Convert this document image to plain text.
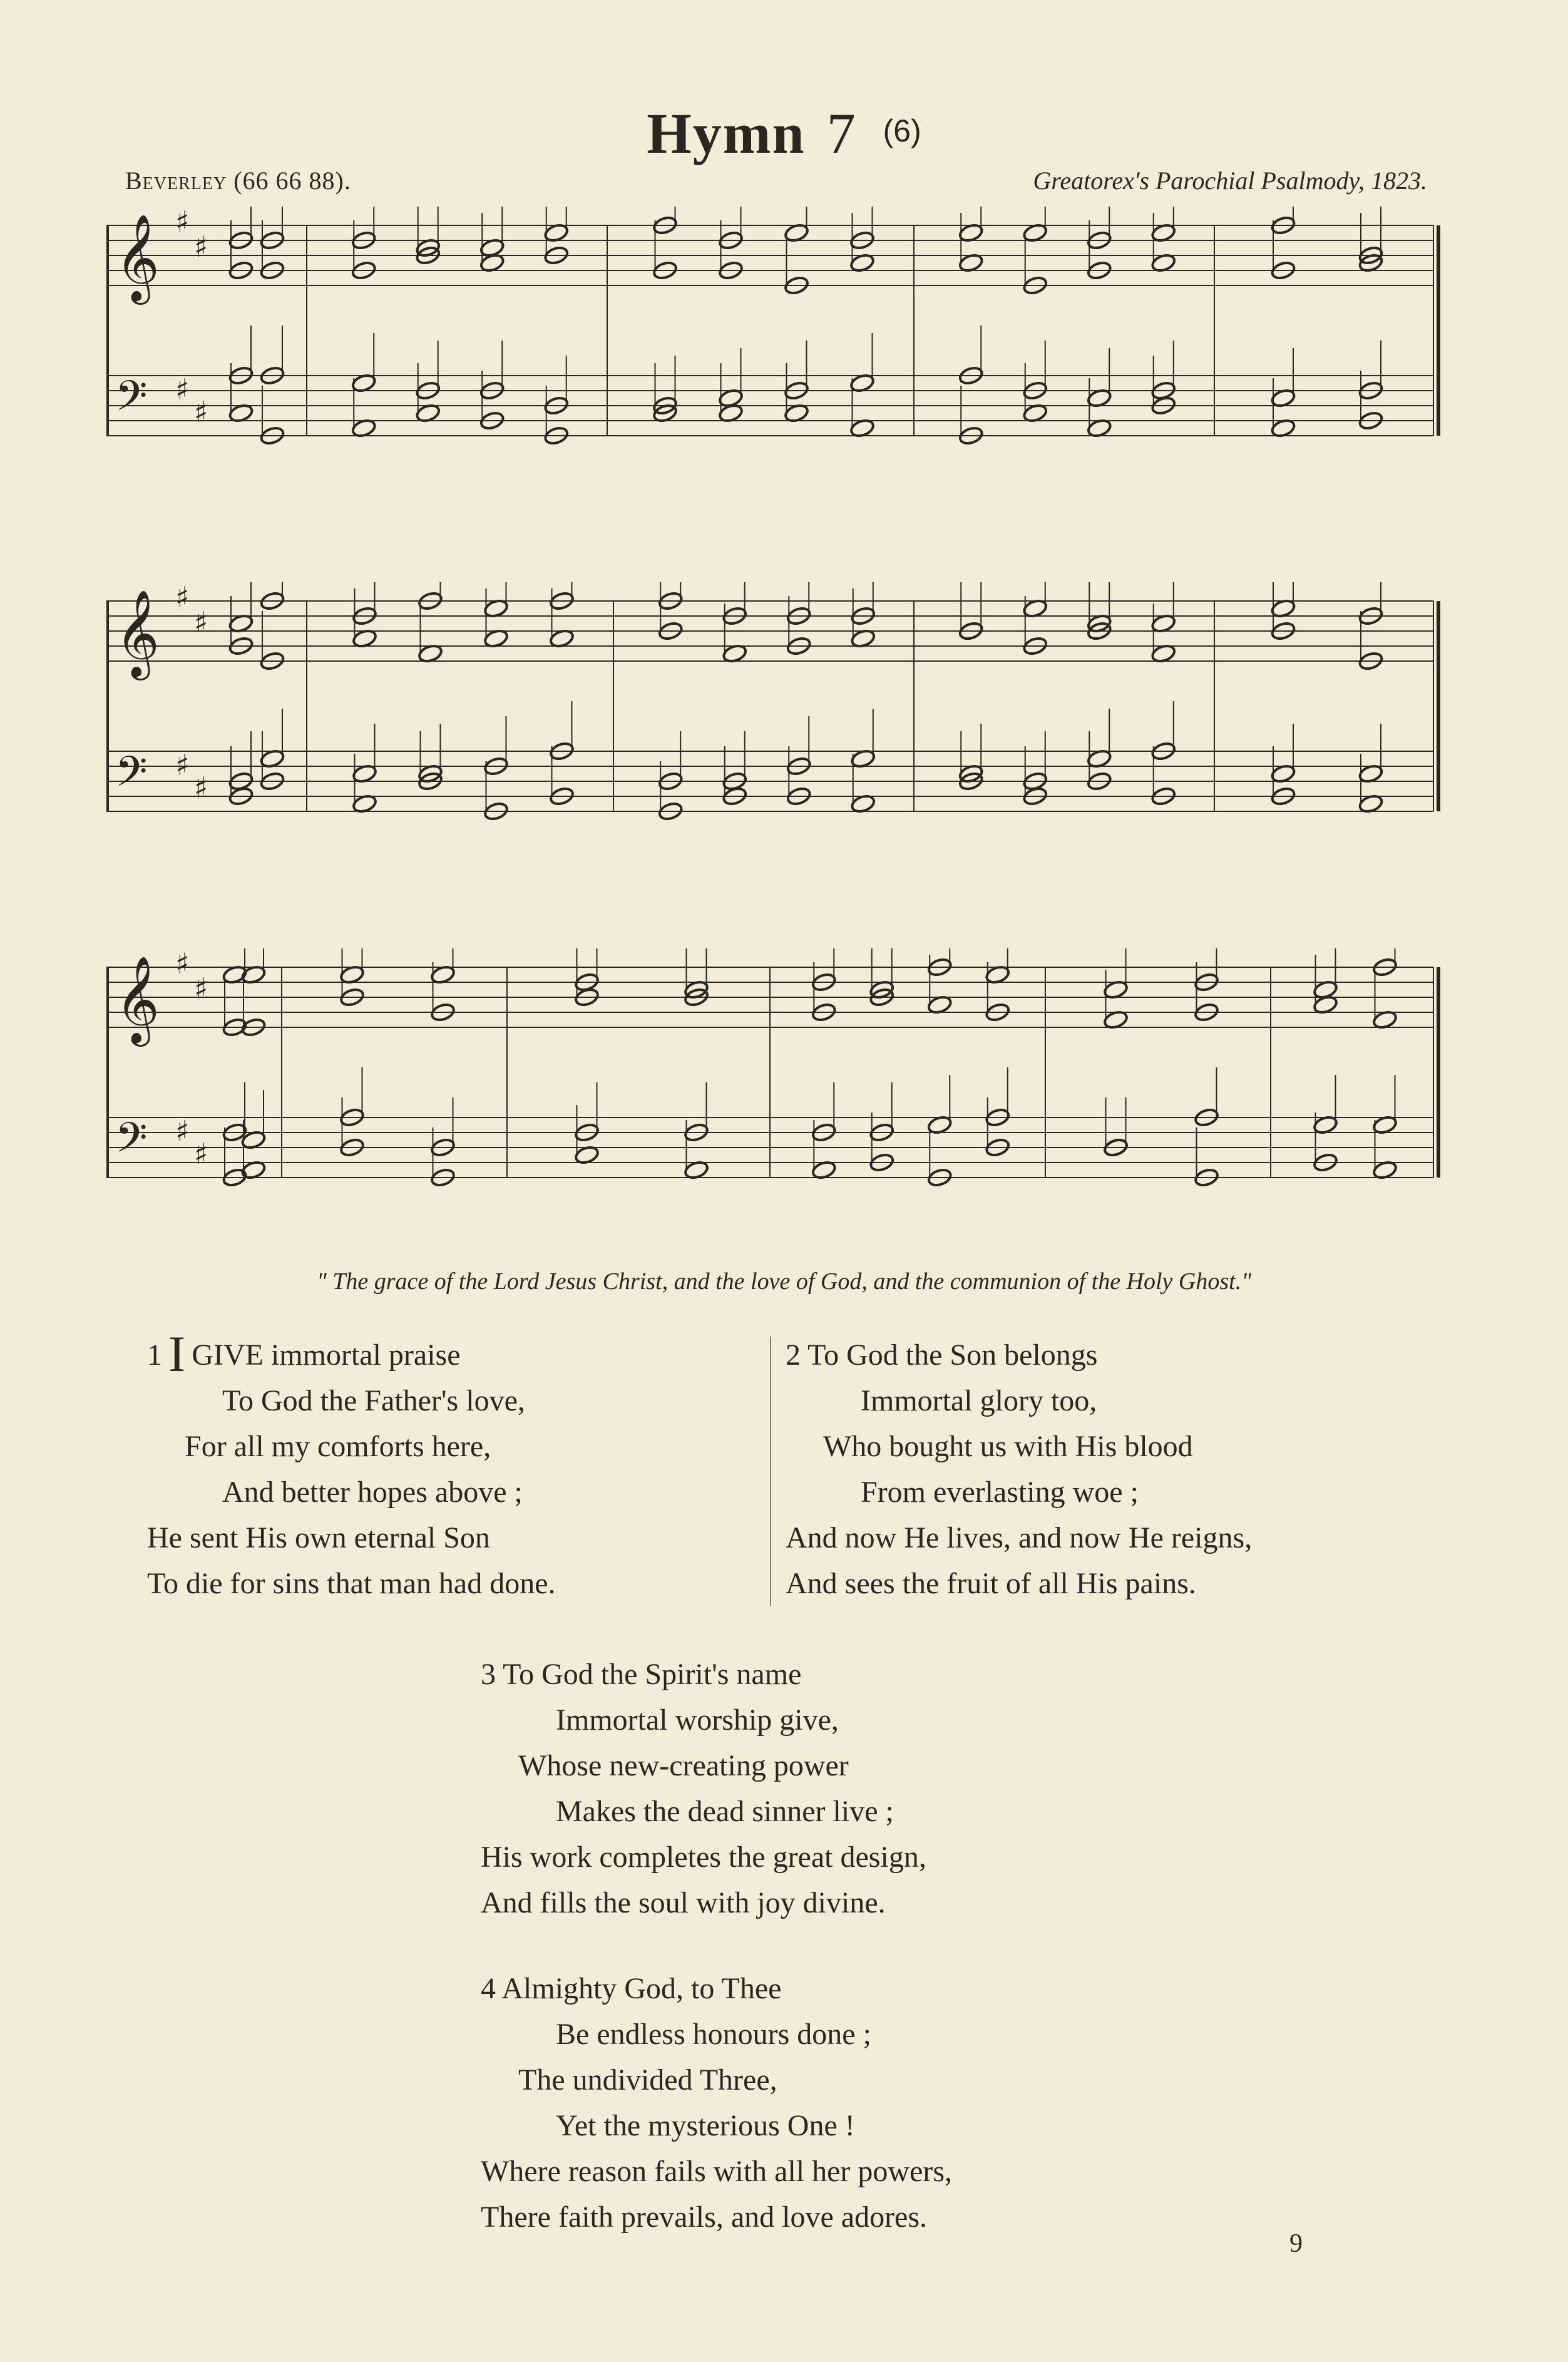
Hymn 7 (6)
Beverley (66 66 88).	Greatorex's Parochial Psalmody, 1823.
𝄞
𝄢
♯
♯
♯
♯
𝄞
𝄢
♯
♯
♯
♯
𝄞
𝄢
♯
♯
♯
♯
" The grace of the Lord Jesus Christ, and the love of God, and the communion of the Holy Ghost."
1 I GIVE immortal praise
To God the Father's love,
For all my comforts here,
And better hopes above ;
He sent His own eternal Son
To die for sins that man had done.
2 To God the Son belongs
Immortal glory too,
Who bought us with His blood
From everlasting woe ;
And now He lives, and now He reigns,
And sees the fruit of all His pains.
3 To God the Spirit's name
Immortal worship give,
Whose new-creating power
Makes the dead sinner live ;
His work completes the great design,
And fills the soul with joy divine.
4 Almighty God, to Thee
Be endless honours done ;
The undivided Three,
Yet the mysterious One !
Where reason fails with all her powers,
There faith prevails, and love adores.
9
